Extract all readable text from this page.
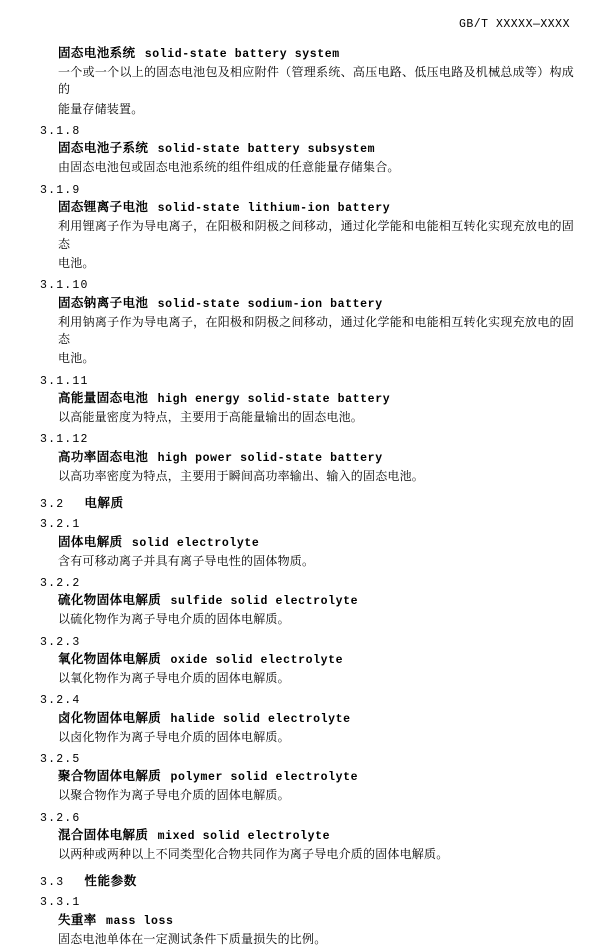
GB/T XXXXX—XXXX
固态电池系统 solid-state battery system
一个或一个以上的固态电池包及相应附件（管理系统、高压电路、低压电路及机械总成等）构成的
能量存储装置。
3.1.8
固态电池子系统 solid-state battery subsystem
由固态电池包或固态电池系统的组件组成的任意能量存储集合。
3.1.9
固态锂离子电池 solid-state lithium-ion battery
利用锂离子作为导电离子，在阳极和阴极之间移动，通过化学能和电能相互转化实现充放电的固态
电池。
3.1.10
固态钠离子电池 solid-state sodium-ion battery
利用钠离子作为导电离子，在阳极和阴极之间移动，通过化学能和电能相互转化实现充放电的固态
电池。
3.1.11
高能量固态电池 high energy solid-state battery
以高能量密度为特点，主要用于高能量输出的固态电池。
3.1.12
高功率固态电池 high power solid-state battery
以高功率密度为特点，主要用于瞬间高功率输出、输入的固态电池。
3.2 电解质
3.2.1
固体电解质 solid electrolyte
含有可移动离子并具有离子导电性的固体物质。
3.2.2
硫化物固体电解质 sulfide solid electrolyte
以硫化物作为离子导电介质的固体电解质。
3.2.3
氧化物固体电解质 oxide solid electrolyte
以氧化物作为离子导电介质的固体电解质。
3.2.4
卤化物固体电解质 halide solid electrolyte
以卤化物作为离子导电介质的固体电解质。
3.2.5
聚合物固体电解质 polymer solid electrolyte
以聚合物作为离子导电介质的固体电解质。
3.2.6
混合固体电解质 mixed solid electrolyte
以两种或两种以上不同类型化合物共同作为离子导电介质的固体电解质。
3.3 性能参数
3.3.1
失重率 mass loss
固态电池单体在一定测试条件下质量损失的比例。
